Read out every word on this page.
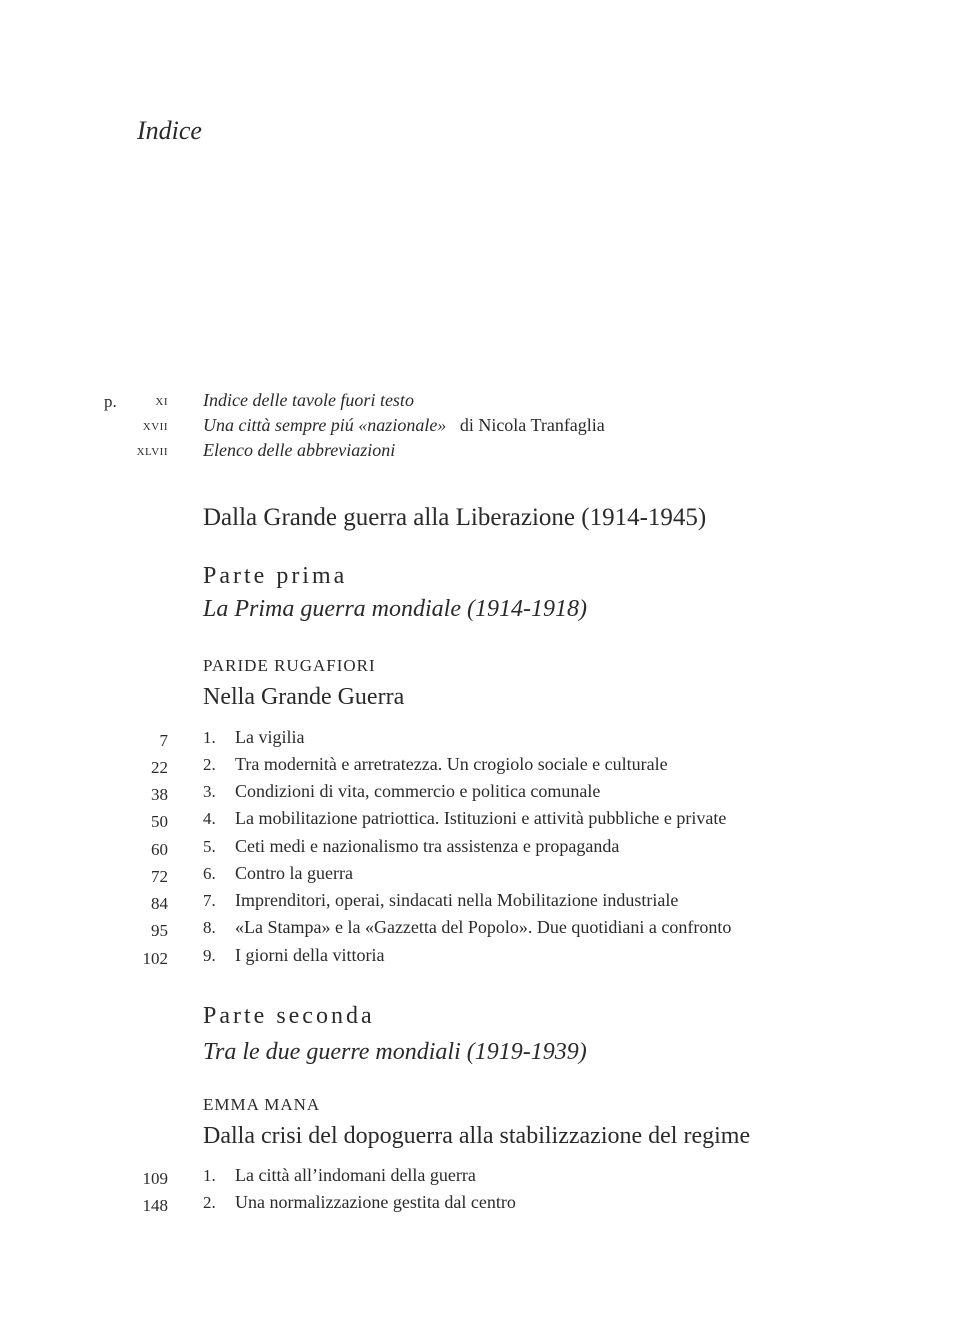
Indice
p.	xi Indice delle tavole fuori testo
xvii Una città sempre piú «nazionale» di Nicola Tranfaglia
xlvii Elenco delle abbreviazioni
Dalla Grande guerra alla Liberazione (1914-1945)
Parte prima
La Prima guerra mondiale (1914-1918)
PARIDE RUGAFIORI
Nella Grande Guerra
7 1. La vigilia
22 2. Tra modernità e arretratezza. Un crogiolo sociale e culturale
38 3. Condizioni di vita, commercio e politica comunale
50 4. La mobilitazione patriottica. Istituzioni e attività pubbliche e private
60 5. Ceti medi e nazionalismo tra assistenza e propaganda
72 6. Contro la guerra
84 7. Imprenditori, operai, sindacati nella Mobilitazione industriale
95 8. «La Stampa» e la «Gazzetta del Popolo». Due quotidiani a confronto
102 9. I giorni della vittoria
Parte seconda
Tra le due guerre mondiali (1919-1939)
EMMA MANA
Dalla crisi del dopoguerra alla stabilizzazione del regime
109 1. La città all’indomani della guerra
148 2. Una normalizzazione gestita dal centro
